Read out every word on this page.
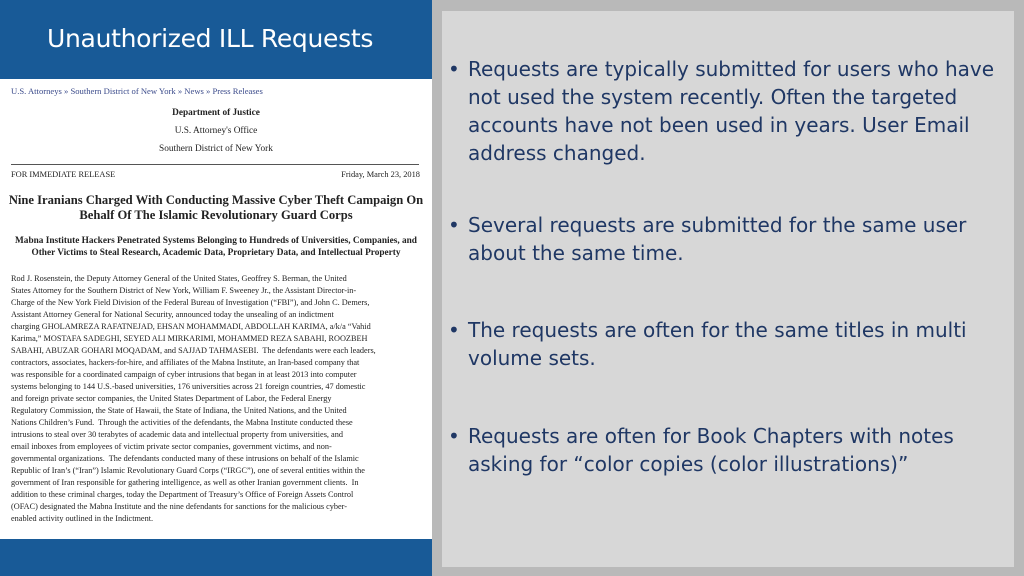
Unauthorized ILL Requests
U.S. Attorneys » Southern District of New York » News » Press Releases
Department of Justice
U.S. Attorney's Office
Southern District of New York
FOR IMMEDIATE RELEASE	Friday, March 23, 2018
Nine Iranians Charged With Conducting Massive Cyber Theft Campaign On Behalf Of The Islamic Revolutionary Guard Corps
Mabna Institute Hackers Penetrated Systems Belonging to Hundreds of Universities, Companies, and Other Victims to Steal Research, Academic Data, Proprietary Data, and Intellectual Property
Rod J. Rosenstein, the Deputy Attorney General of the United States, Geoffrey S. Berman, the United
States Attorney for the Southern District of New York, William F. Sweeney Jr., the Assistant Director-in-
Charge of the New York Field Division of the Federal Bureau of Investigation (“FBI”), and John C. Demers,
Assistant Attorney General for National Security, announced today the unsealing of an indictment
charging GHOLAMREZA RAFATNEJAD, EHSAN MOHAMMADI, ABDOLLAH KARIMA, a/k/a “Vahid
Karima,” MOSTAFA SADEGHI, SEYED ALI MIRKARIMI, MOHAMMED REZA SABAHI, ROOZBEH
SABAHI, ABUZAR GOHARI MOQADAM, and SAJJAD TAHMASEBI.  The defendants were each leaders,
contractors, associates, hackers-for-hire, and affiliates of the Mabna Institute, an Iran-based company that
was responsible for a coordinated campaign of cyber intrusions that began in at least 2013 into computer
systems belonging to 144 U.S.-based universities, 176 universities across 21 foreign countries, 47 domestic
and foreign private sector companies, the United States Department of Labor, the Federal Energy
Regulatory Commission, the State of Hawaii, the State of Indiana, the United Nations, and the United
Nations Children’s Fund.  Through the activities of the defendants, the Mabna Institute conducted these
intrusions to steal over 30 terabytes of academic data and intellectual property from universities, and
email inboxes from employees of victim private sector companies, government victims, and non-
governmental organizations.  The defendants conducted many of these intrusions on behalf of the Islamic
Republic of Iran’s (“Iran”) Islamic Revolutionary Guard Corps (“IRGC”), one of several entities within the
government of Iran responsible for gathering intelligence, as well as other Iranian government clients.  In
addition to these criminal charges, today the Department of Treasury’s Office of Foreign Assets Control
(OFAC) designated the Mabna Institute and the nine defendants for sanctions for the malicious cyber-
enabled activity outlined in the Indictment.
• Requests are typically submitted for users who have
not used the system recently. Often the targeted
accounts have not been used in years. User Email
address changed.
• Several requests are submitted for the same user
about the same time.
• The requests are often for the same titles in multi
volume sets.
• Requests are often for Book Chapters with notes
asking for “color copies (color illustrations)”
